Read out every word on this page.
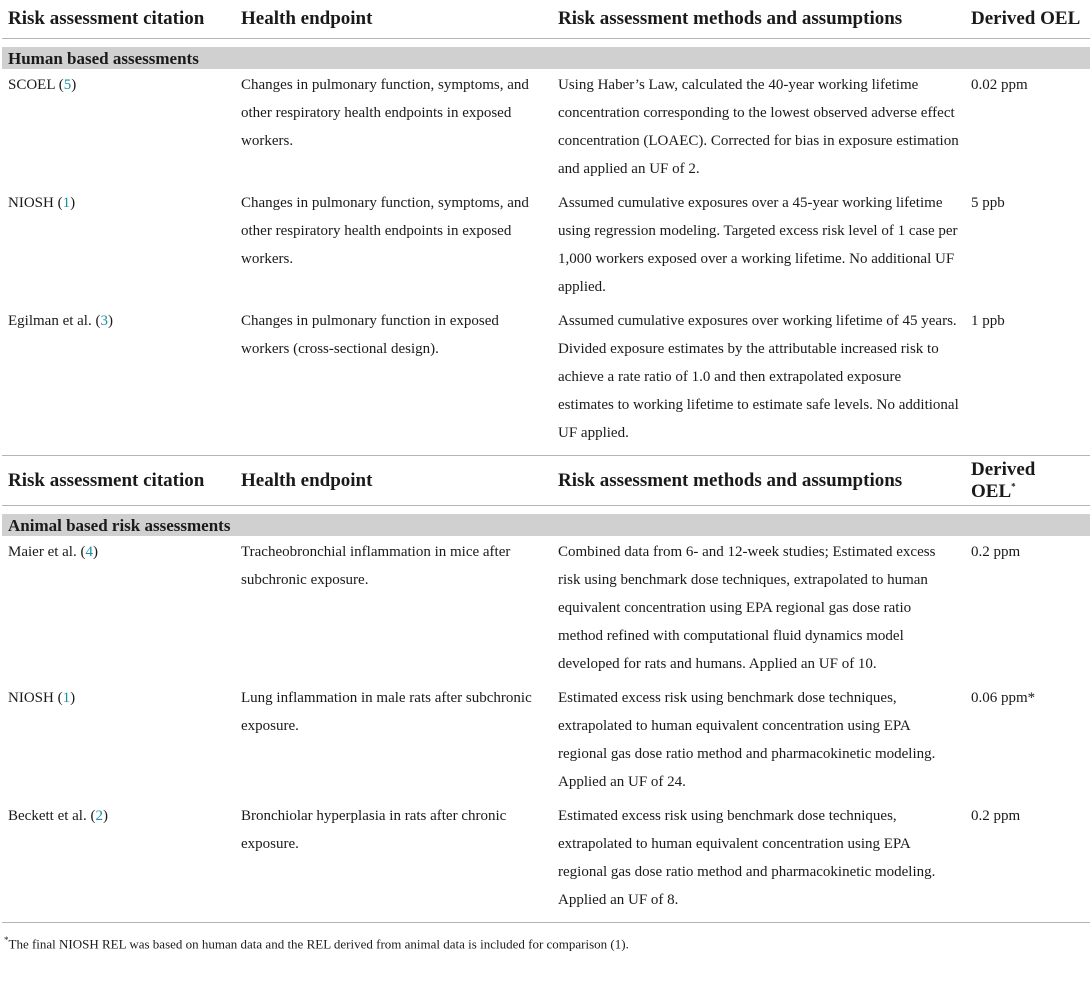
Risk assessment citation	Health endpoint	Risk assessment methods and assumptions	Derived OEL

Human based assessments			
SCOEL (5)	Changes in pulmonary function, symptoms, and other respiratory health endpoints in exposed workers.	Using Haber’s Law, calculated the 40-year working lifetime concentration corresponding to the lowest observed adverse effect concentration (LOAEC). Corrected for bias in exposure estimation and applied an UF of 2.	0.02 ppm
NIOSH (1)	Changes in pulmonary function, symptoms, and other respiratory health endpoints in exposed workers.	Assumed cumulative exposures over a 45-year working lifetime using regression modeling. Targeted excess risk level of 1 case per 1,000 workers exposed over a working lifetime. No additional UF applied.	5 ppb
Egilman et al. (3)	Changes in pulmonary function in exposed workers (cross-sectional design).	Assumed cumulative exposures over working lifetime of 45 years. Divided exposure estimates by the attributable increased risk to achieve a rate ratio of 1.0 and then extrapolated exposure estimates to working lifetime to estimate safe levels. No additional UF applied.	1 ppb
Risk assessment citation	Health endpoint	Risk assessment methods and assumptions	Derived OEL*

Animal based risk assessments			
Maier et al. (4)	Tracheobronchial inflammation in mice after subchronic exposure.	Combined data from 6- and 12-week studies; Estimated excess risk using benchmark dose techniques, extrapolated to human equivalent concentration using EPA regional gas dose ratio method refined with computational fluid dynamics model developed for rats and humans. Applied an UF of 10.	0.2 ppm
NIOSH (1)	Lung inflammation in male rats after subchronic exposure.	Estimated excess risk using benchmark dose techniques, extrapolated to human equivalent concentration using EPA regional gas dose ratio method and pharmacokinetic modeling. Applied an UF of 24.	0.06 ppm*
Beckett et al. (2)	Bronchiolar hyperplasia in rats after chronic exposure.	Estimated excess risk using benchmark dose techniques, extrapolated to human equivalent concentration using EPA regional gas dose ratio method and pharmacokinetic modeling. Applied an UF of 8.	0.2 ppm
*The final NIOSH REL was based on human data and the REL derived from animal data is included for comparison (1).
